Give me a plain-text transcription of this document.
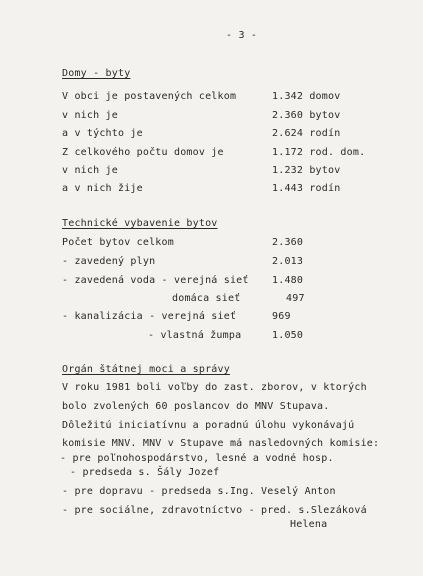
- 3 -
Domy - byty
V obci je postavených celkom	1.342 domov
v nich je	2.360 bytov
a v týchto je	2.624 rodín
Z celkového počtu domov je	1.172 rod. dom.
v nich je	1.232 bytov
a v nich žije	1.443 rodín
Technické vybavenie bytov
Počet bytov celkom	2.360
- zavedený plyn	2.013
- zavedená voda - verejná sieť 1.480
domáca sieť	497
- kanalizácia - verejná sieť	969
- vlastná žumpa	1.050
Orgán štátnej moci a správy
V roku 1981 boli voľby do zast. zborov, v ktorých
bolo zvolených 60 poslancov do MNV Stupava.
Dôležitú iniciatívnu a poradnú úlohu vykonávajú
komisie MNV. MNV v Stupave má nasledovných komisie:
- pre poľnohospodárstvo, lesné a vodné hosp.
- predseda s. Šály Jozef
- pre dopravu - predseda s.Ing. Veselý Anton
- pre sociálne, zdravotníctvo - pred. s.Slezáková
Helena
